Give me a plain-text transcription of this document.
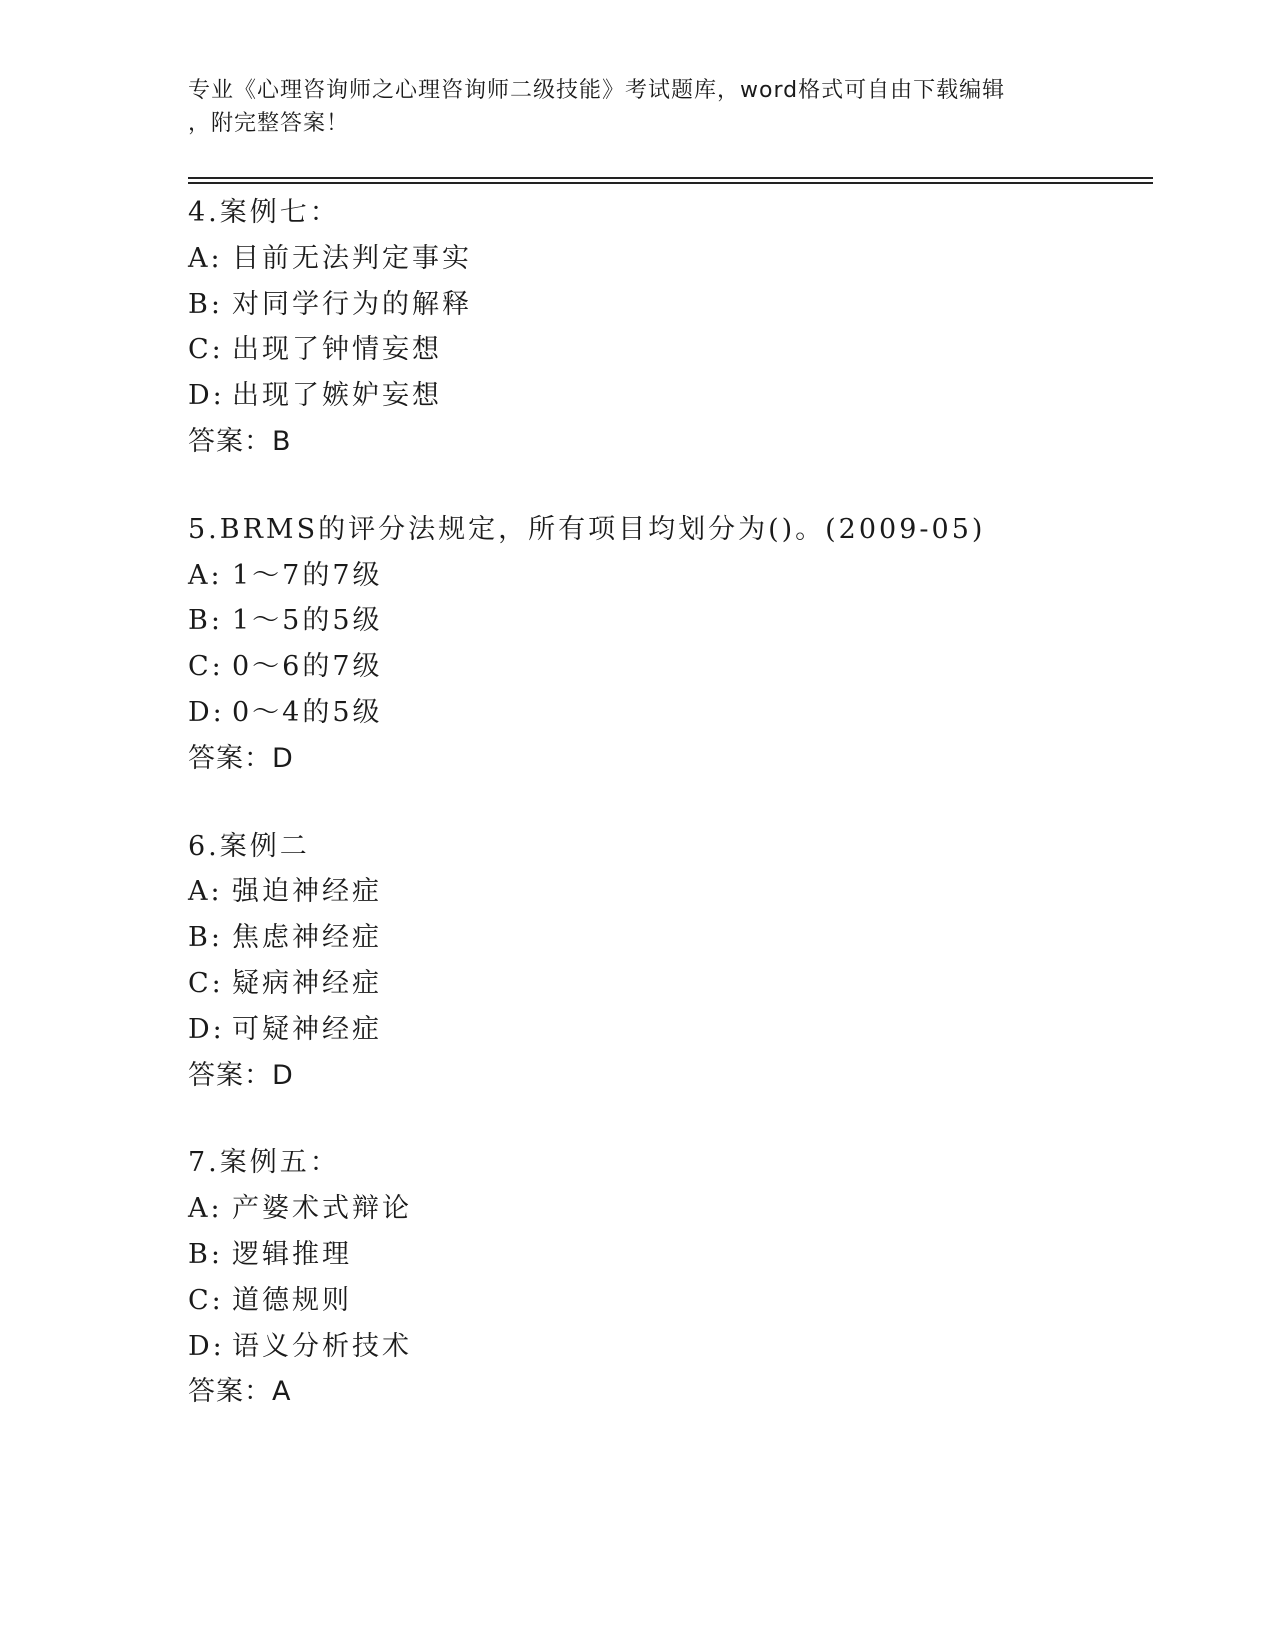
专业《心理咨询师之心理咨询师二级技能》考试题库，word格式可自由下载编辑
，附完整答案！
4.案例七：
A: 目前无法判定事实
B: 对同学行为的解释
C: 出现了钟情妄想
D: 出现了嫉妒妄想
答案：B
5.BRMS的评分法规定，所有项目均划分为()。(2009-05)
A: 1～7的7级
B: 1～5的5级
C: 0～6的7级
D: 0～4的5级
答案：D
6.案例二
A: 强迫神经症
B: 焦虑神经症
C: 疑病神经症
D: 可疑神经症
答案：D
7.案例五：
A: 产婆术式辩论
B: 逻辑推理
C: 道德规则
D: 语义分析技术
答案：A
